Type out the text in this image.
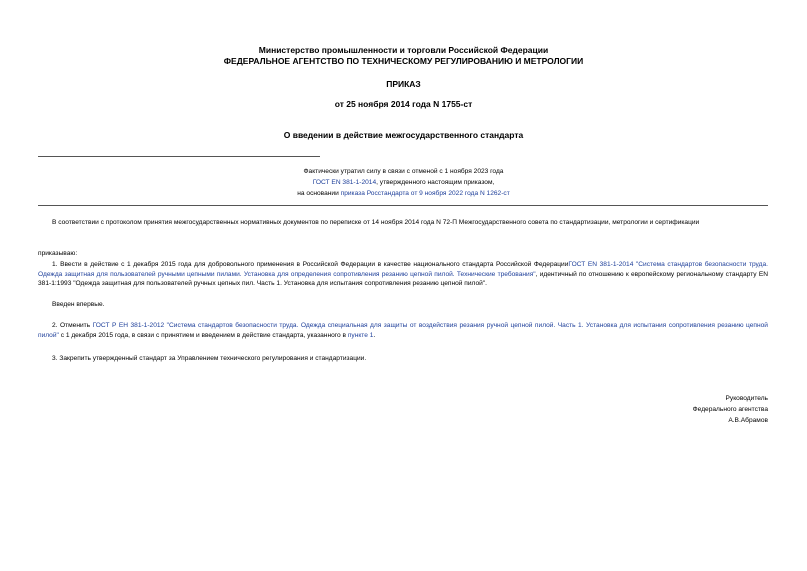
Министерство промышленности и торговли Российской Федерации
ФЕДЕРАЛЬНОЕ АГЕНТСТВО ПО ТЕХНИЧЕСКОМУ РЕГУЛИРОВАНИЮ И МЕТРОЛОГИИ
ПРИКАЗ
от 25 ноября 2014 года N 1755-ст
О введении в действие межгосударственного стандарта
Фактически утратил силу в связи с отменой с 1 ноября 2023 года
ГОСТ EN 381-1-2014, утвержденного настоящим приказом,
на основании приказа Росстандарта от 9 ноября 2022 года N 1262-ст
В соответствии с протоколом принятия межгосударственных нормативных документов по переписке от 14 ноября 2014 года N 72-П Межгосударственного совета по стандартизации, метрологии и сертификации
приказываю:
1. Ввести в действие с 1 декабря 2015 года для добровольного применения в Российской Федерации в качестве национального стандарта Российской ФедерацииГОСТ EN 381-1-2014 "Система стандартов безопасности труда. Одежда защитная для пользователей ручными цепными пилами. Установка для определения сопротивления резанию цепной пилой. Технические требования", идентичный по отношению к европейскому региональному стандарту EN 381-1:1993 "Одежда защитная для пользователей ручных цепных пил. Часть 1. Установка для испытания сопротивления резанию цепной пилой".
Введен впервые.
2. Отменить ГОСТ Р ЕН 381-1-2012 "Система стандартов безопасности труда. Одежда специальная для защиты от воздействия резания ручной цепной пилой. Часть 1. Установка для испытания сопротивления резанию цепной пилой" с 1 декабря 2015 года, в связи с принятием и введением в действие стандарта, указанного в пункте 1.
3. Закрепить утвержденный стандарт за Управлением технического регулирования и стандартизации.
Руководитель
Федерального агентства
А.В.Абрамов
